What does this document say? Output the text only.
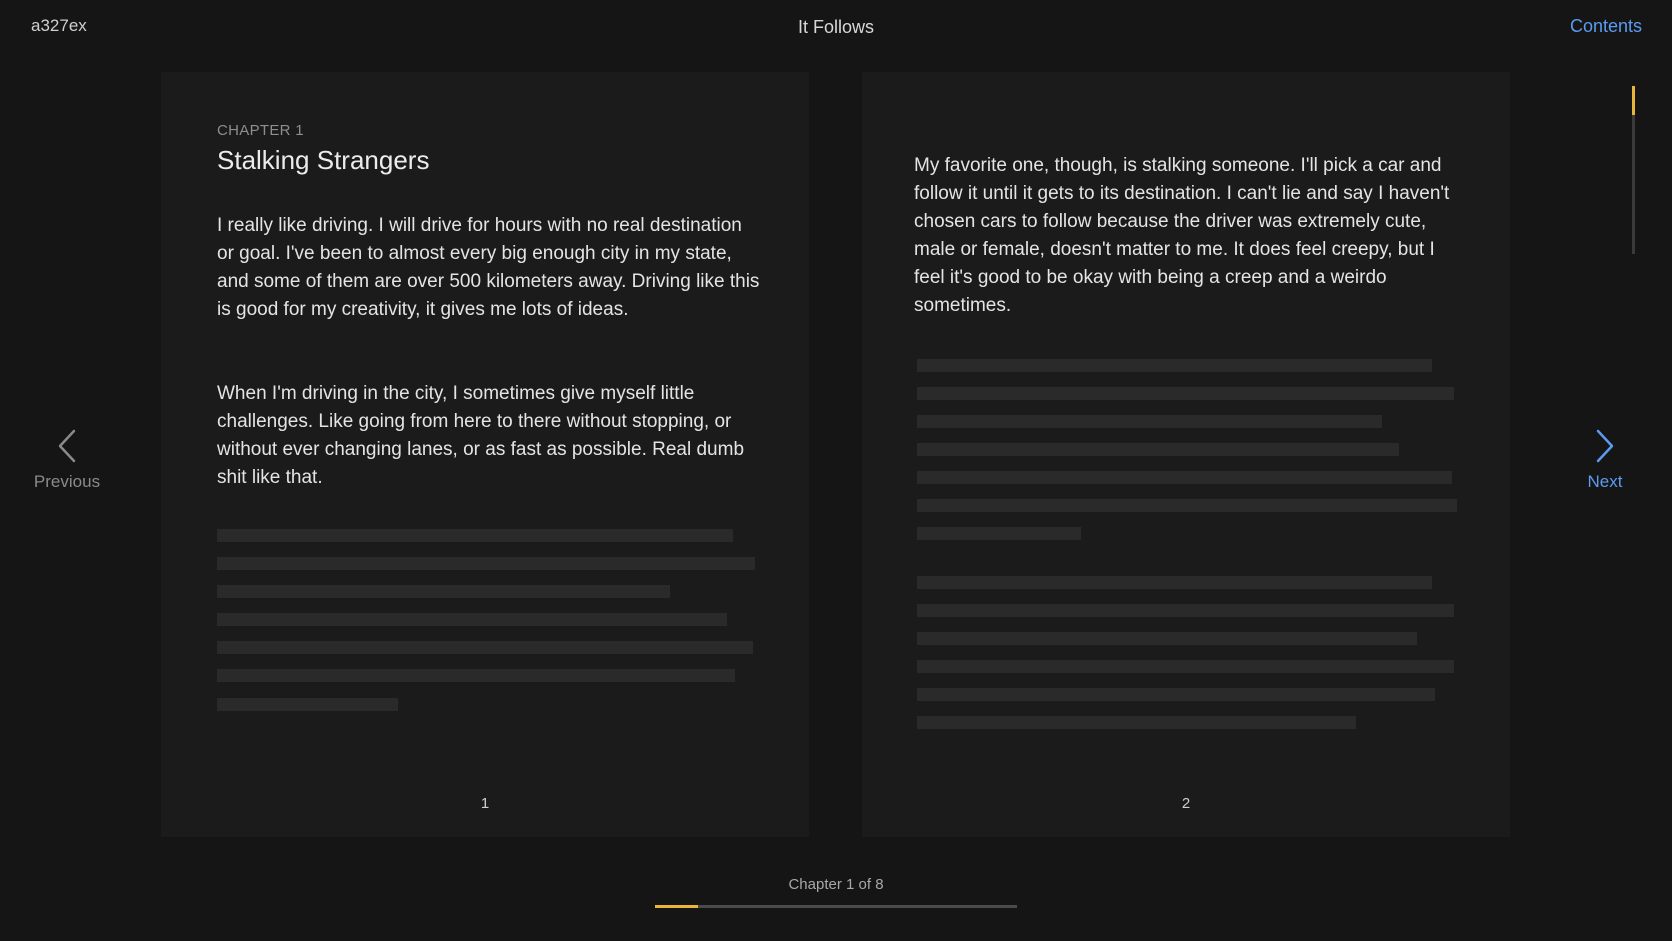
a327ex	It Follows	Contents
CHAPTER 1
Stalking Strangers

I really like driving. I will drive for hours with no real destination or goal. I've been to almost every big enough city in my state, and some of them are over 500 kilometers away. Driving like this is good for my creativity, it gives me lots of ideas.

When I'm driving in the city, I sometimes give myself little challenges. Like going from here to there without stopping, or without ever changing lanes, or as fast as possible. Real dumb shit like that.

1

My favorite one, though, is stalking someone. I'll pick a car and follow it until it gets to its destination. I can't lie and say I haven't chosen cars to follow because the driver was extremely cute, male or female, doesn't matter to me. It does feel creepy, but I feel it's good to be okay with being a creep and a weirdo sometimes.

2
Previous	Next
Chapter 1 of 8
